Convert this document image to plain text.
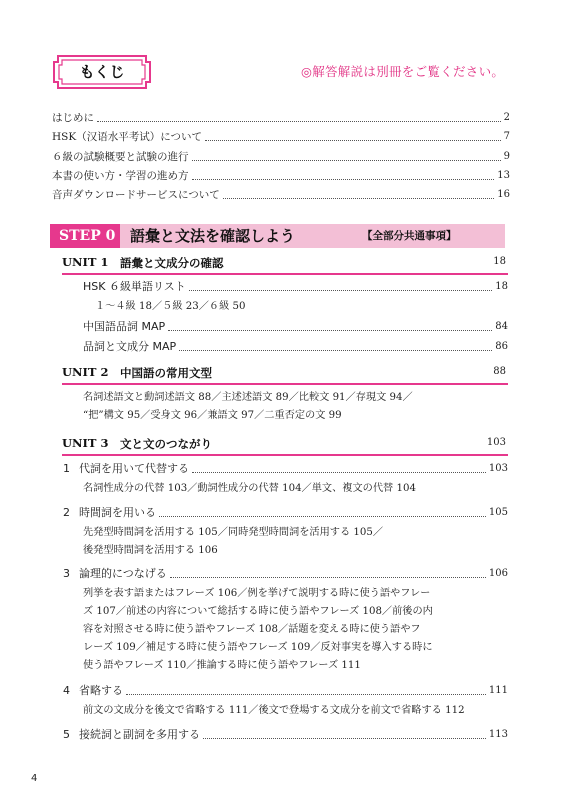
もくじ	◎解答解説は別冊をご覧ください。
はじめに	2
HSK（汉语水平考试）について	7
６級の試験概要と試験の進行	9
本書の使い方・学習の進め方	13
音声ダウンロードサービスについて	16
STEP 0 語彙と文法を確認しよう	【全部分共通事項】
UNIT 1 語彙と文成分の確認	18
HSK ６級単語リスト	18
１～４級 18／５級 23／６級 50
中国語品詞 MAP	84
品詞と文成分 MAP	86
UNIT 2 中国語の常用文型	88
名詞述語文と動詞述語文 88／主述述語文 89／比較文 91／存現文 94／
“把”構文 95／受身文 96／兼語文 97／二重否定の文 99
UNIT 3 文と文のつながり	103
1 代詞を用いて代替する	103
名詞性成分の代替 103／動詞性成分の代替 104／単文、複文の代替 104
2 時間詞を用いる	105
先発型時間詞を活用する 105／同時発型時間詞を活用する 105／
後発型時間詞を活用する 106
3 論理的につなげる	106
列挙を表す語またはフレーズ 106／例を挙げて説明する時に使う語やフレー
ズ 107／前述の内容について総括する時に使う語やフレーズ 108／前後の内
容を対照させる時に使う語やフレーズ 108／話題を変える時に使う語やフ
レーズ 109／補足する時に使う語やフレーズ 109／反対事実を導入する時に
使う語やフレーズ 110／推論する時に使う語やフレーズ 111
4 省略する	111
前文の文成分を後文で省略する 111／後文で登場する文成分を前文で省略する 112
5 接続詞と副詞を多用する	113
4
